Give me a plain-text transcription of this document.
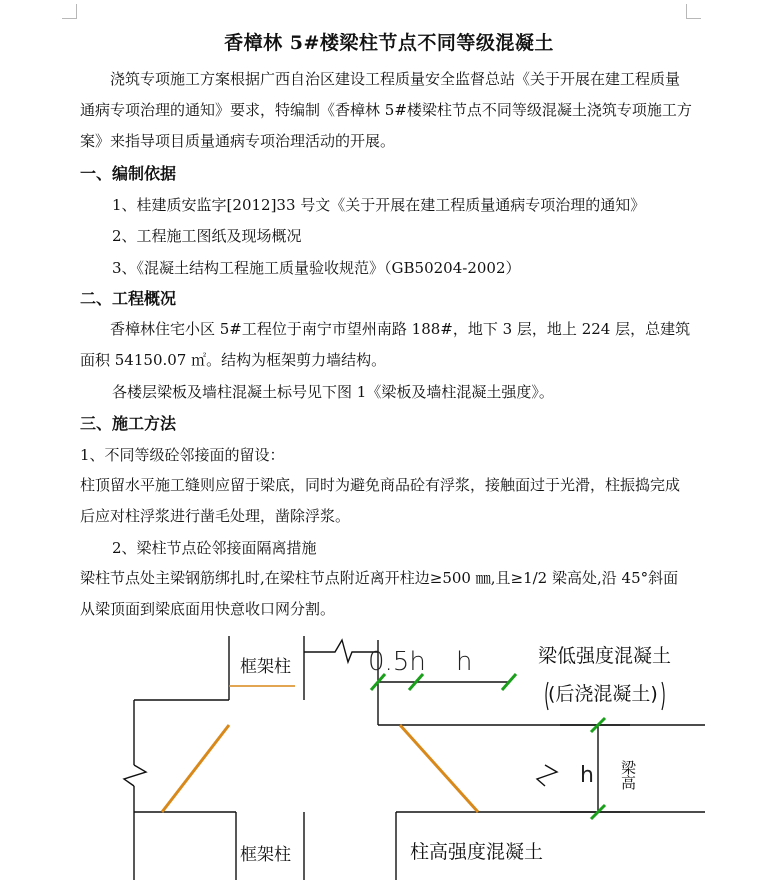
香樟林 5#楼梁柱节点不同等级混凝土

浇筑专项施工方案根据广西自治区建设工程质量安全监督总站《关于开展在建工程质量通病专项治理的通知》要求，特编制《香樟林 5#楼梁柱节点不同等级混凝土浇筑专项施工方案》来指导项目质量通病专项治理活动的开展。

一、编制依据
1、桂建质安监字[2012]33 号文《关于开展在建工程质量通病专项治理的通知》
2、工程施工图纸及现场概况
3、《混凝土结构工程施工质量验收规范》（GB50204-2002）
二、工程概况

香樟林住宅小区 5#工程位于南宁市望州南路 188#，地下 3 层，地上 224 层，总建筑面积 54150.07 ㎡。结构为框架剪力墙结构。

各楼层梁板及墙柱混凝土标号见下图 1《梁板及墙柱混凝土强度》。
三、施工方法
1、不同等级砼邻接面的留设：

柱顶留水平施工缝则应留于梁底，同时为避免商品砼有浮浆，接触面过于光滑，柱振捣完成后应对柱浮浆进行凿毛处理，凿除浮浆。

2、梁柱节点砼邻接面隔离措施

梁柱节点处主梁钢筋绑扎时,在梁柱节点附近离开柱边≥500 ㎜,且≥1/2 梁高处,沿 45°斜面从梁顶面到梁底面用快意收口网分割。

框架柱
框架柱
0.5h h	梁低强度混凝土
(后浇混凝土)
h 梁高
柱高强度混凝土
